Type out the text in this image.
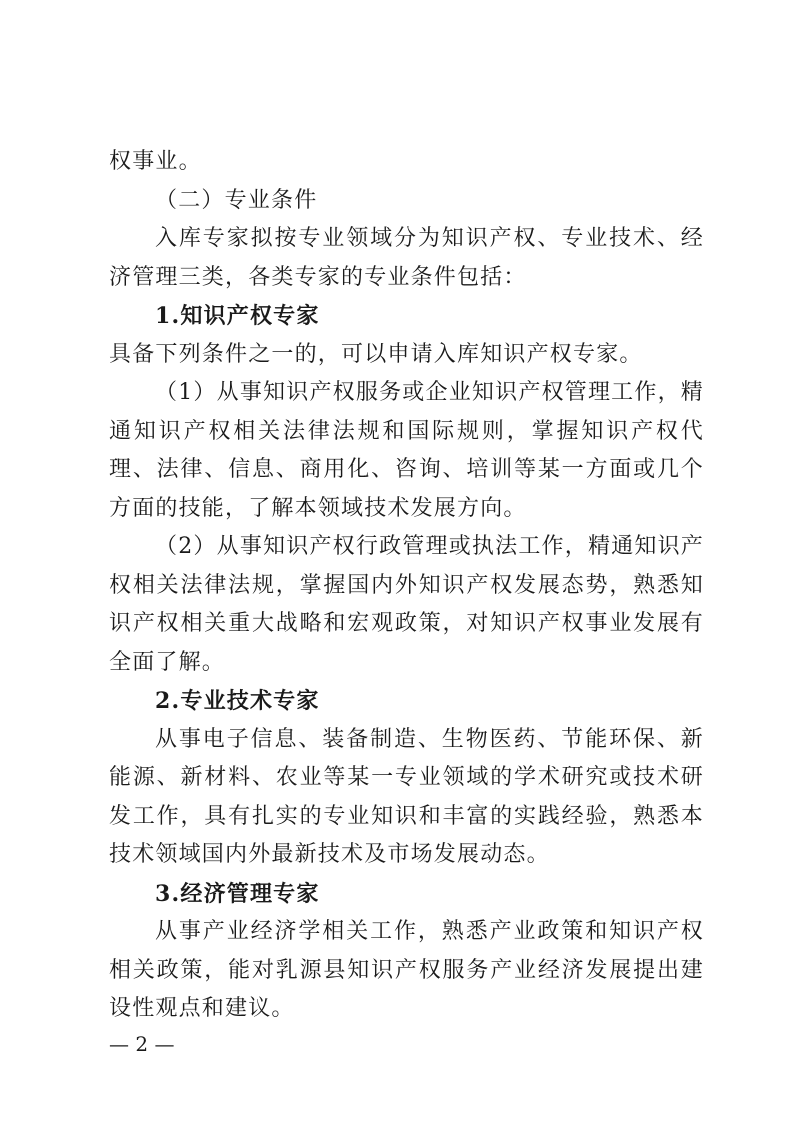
权事业。

（二）专业条件

入库专家拟按专业领域分为知识产权、专业技术、经济管理三类，各类专家的专业条件包括：

1.知识产权专家

具备下列条件之一的，可以申请入库知识产权专家。

（1）从事知识产权服务或企业知识产权管理工作，精通知识产权相关法律法规和国际规则，掌握知识产权代理、法律、信息、商用化、咨询、培训等某一方面或几个方面的技能，了解本领域技术发展方向。

（2）从事知识产权行政管理或执法工作，精通知识产权相关法律法规，掌握国内外知识产权发展态势，熟悉知识产权相关重大战略和宏观政策，对知识产权事业发展有全面了解。

2.专业技术专家

从事电子信息、装备制造、生物医药、节能环保、新能源、新材料、农业等某一专业领域的学术研究或技术研发工作，具有扎实的专业知识和丰富的实践经验，熟悉本技术领域国内外最新技术及市场发展动态。

3.经济管理专家

从事产业经济学相关工作，熟悉产业政策和知识产权相关政策，能对乳源县知识产权服务产业经济发展提出建设性观点和建议。

— 2 —
